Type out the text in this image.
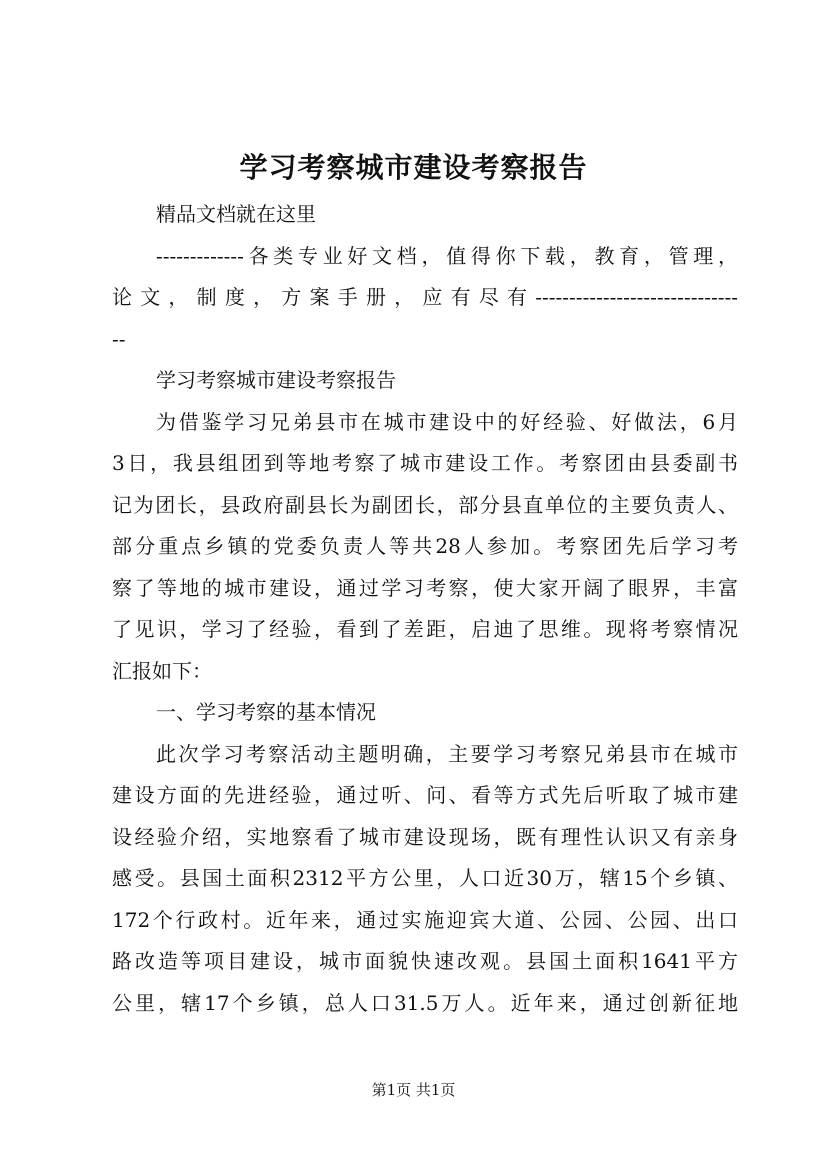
学习考察城市建设考察报告
精品文档就在这里
-------------各类专业好文档，值得你下载，教育，管理，
论文，制度，方案手册，应有尽有------------------------------
--
学习考察城市建设考察报告
为借鉴学习兄弟县市在城市建设中的好经验、好做法，6月
3日，我县组团到等地考察了城市建设工作。考察团由县委副书
记为团长，县政府副县长为副团长，部分县直单位的主要负责人、
部分重点乡镇的党委负责人等共28人参加。考察团先后学习考
察了等地的城市建设，通过学习考察，使大家开阔了眼界，丰富
了见识，学习了经验，看到了差距，启迪了思维。现将考察情况
汇报如下：
一、学习考察的基本情况
此次学习考察活动主题明确，主要学习考察兄弟县市在城市
建设方面的先进经验，通过听、问、看等方式先后听取了城市建
设经验介绍，实地察看了城市建设现场，既有理性认识又有亲身
感受。县国土面积2312平方公里，人口近30万，辖15个乡镇、
172个行政村。近年来，通过实施迎宾大道、公园、公园、出口
路改造等项目建设，城市面貌快速改观。县国土面积1641平方
公里，辖17个乡镇，总人口31.5万人。近年来，通过创新征地
第1页 共1页
